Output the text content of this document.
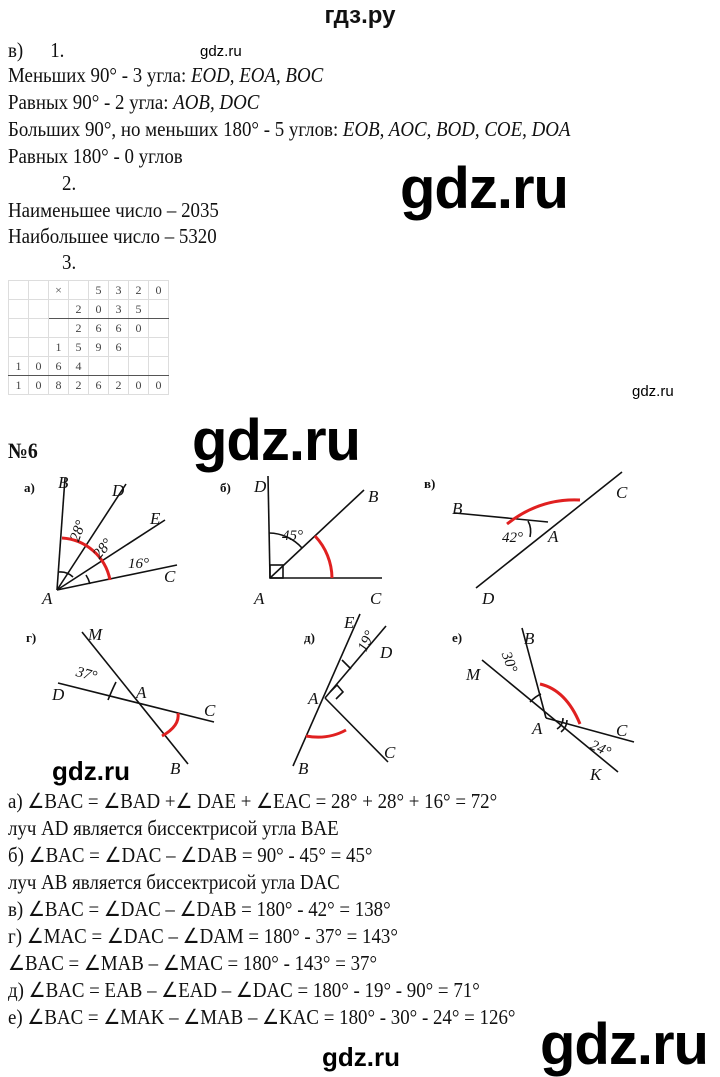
гдз.ру
в) 1.
Меньших 90° - 3 угла: EOD, EOA, BOC
Равных 90° - 2 угла: AOB, DOC
Больших 90°, но меньших 180° - 5 углов: EOB, AOC, BOD, COE, DOA
Равных 180° - 0 углов
2.
Наименьшее число – 2035
Наибольшее число – 5320
3.
		×		5	3	2	0
			2	0	3	5	
			2	6	6	0	
		1	5	9	6		
1	0	6	4				
1	0	8	2	6	2	0	0
№6
а) B	D
E
C
A
28°
28°
16°
б) D
B
A	C
45°
в)
B
C
A
D
42°
г)	M
D	A
C
B
37°
д)
E
D
A
C
B
19°	е)	B
M
A	C
K
30°
24°
а) ∠BAC = ∠BAD +∠ DAE + ∠EAC = 28° + 28° + 16° = 72°
луч AD является биссектрисой угла BAE
б) ∠BAC = ∠DAC – ∠DAB = 90° - 45° = 45°
луч AB является биссектрисой угла DAC
в) ∠BAC = ∠DAC – ∠DAB = 180° - 42° = 138°
г) ∠MAC = ∠DAC – ∠DAM = 180° - 37° = 143°
∠BAC = ∠MAB – ∠MAC = 180° - 143° = 37°
д) ∠BAC = EAB – ∠EAD – ∠DAC = 180° - 19° - 90° = 71°
е) ∠BAC = ∠MAK – ∠MAB – ∠KAC = 180° - 30° - 24° = 126°
gdz.ru
gdz.ru
gdz.ru
gdz.ru
gdz.ru
gdz.ru
gdz.ru
